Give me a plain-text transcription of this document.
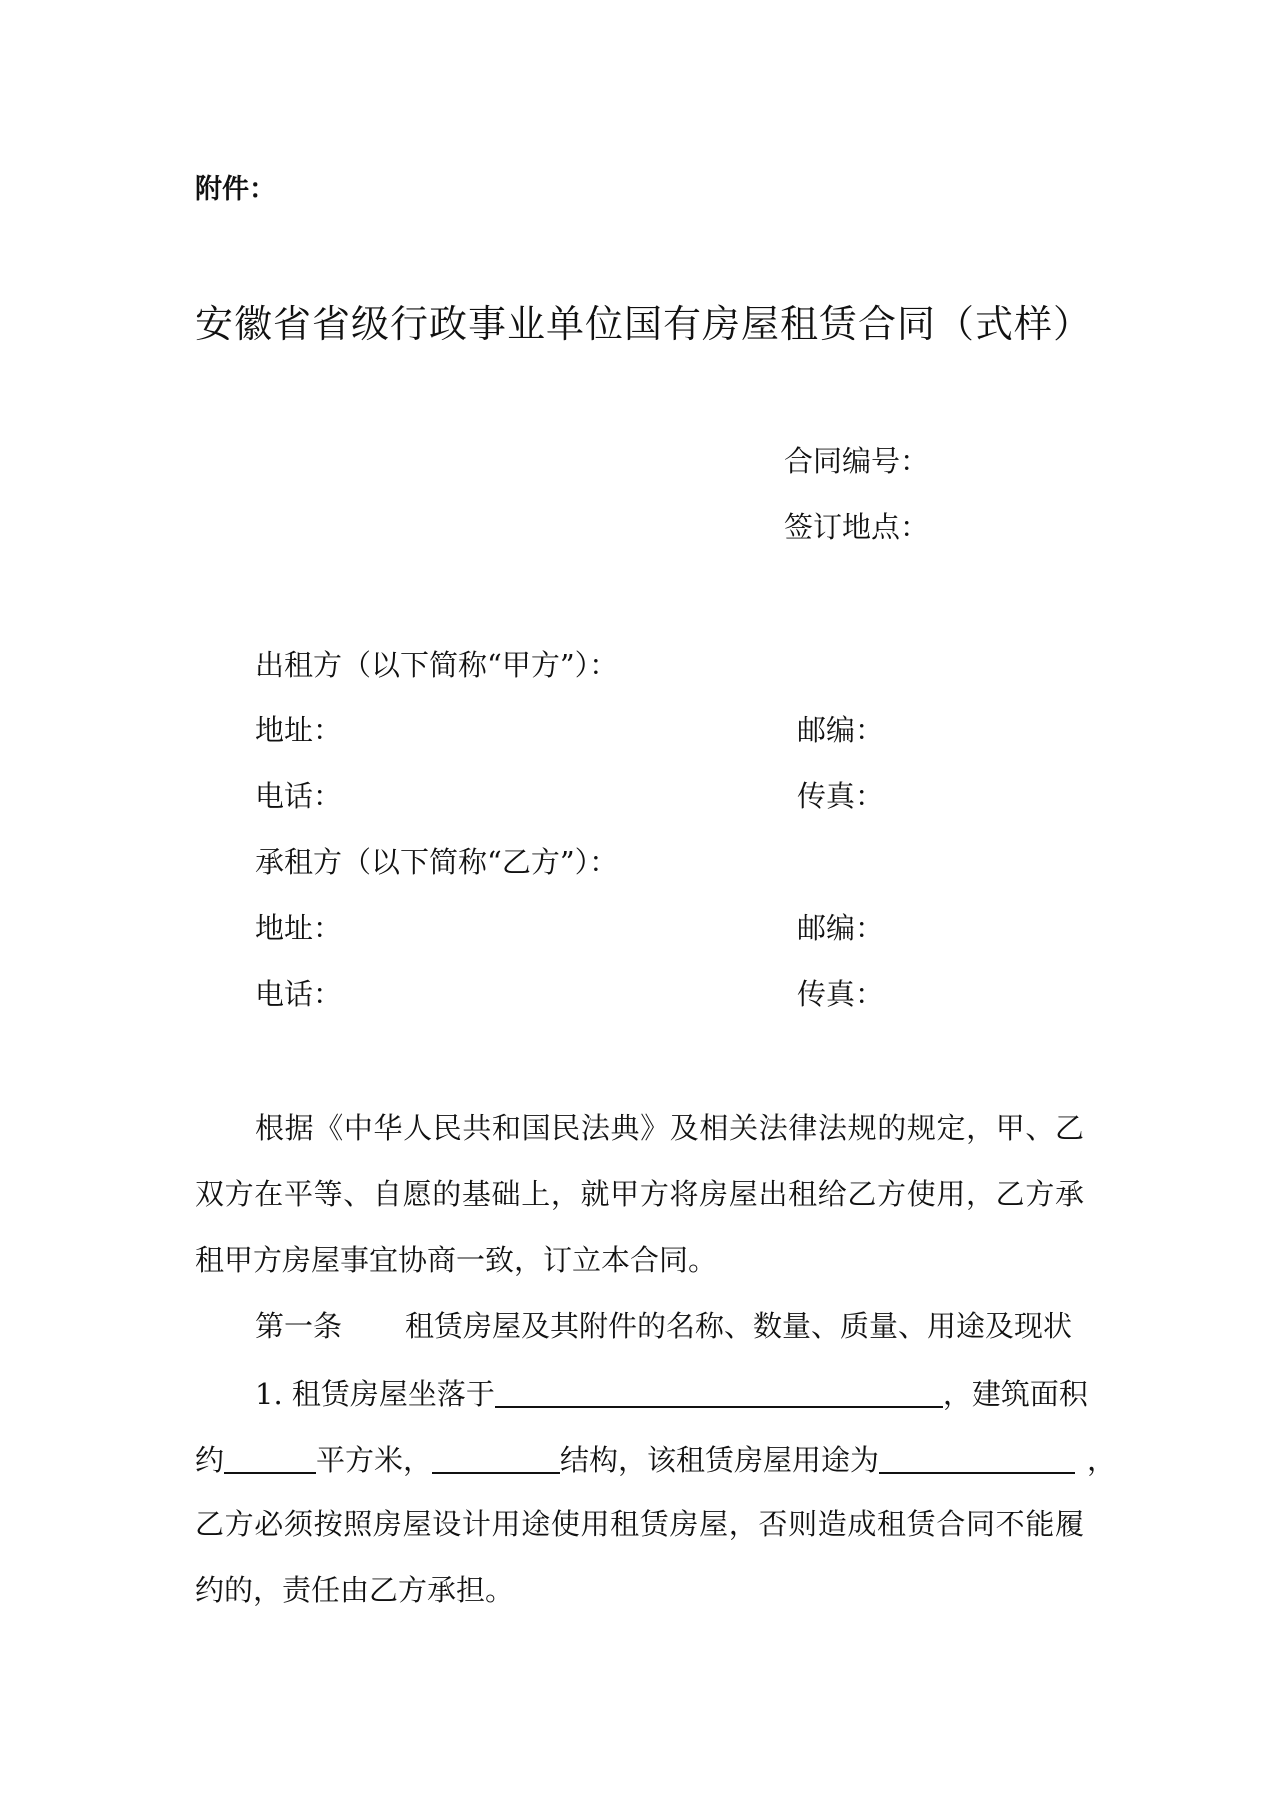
附件：
安徽省省级行政事业单位国有房屋租赁合同（式样）
合同编号：
签订地点：
出租方（以下简称“甲方”）：
地址：	邮编：
电话：	传真：
承租方（以下简称“乙方”）：
地址：	邮编：
电话：	传真：
根据《中华人民共和国民法典》及相关法律法规的规定，甲、乙
双方在平等、自愿的基础上，就甲方将房屋出租给乙方使用，乙方承
租甲方房屋事宜协商一致，订立本合同。
第一条 租赁房屋及其附件的名称、数量、质量、用途及现状
1. 租赁房屋坐落于	，建筑面积
约	平方米，	结构，该租赁房屋用途为	，
乙方必须按照房屋设计用途使用租赁房屋，否则造成租赁合同不能履
约的，责任由乙方承担。
